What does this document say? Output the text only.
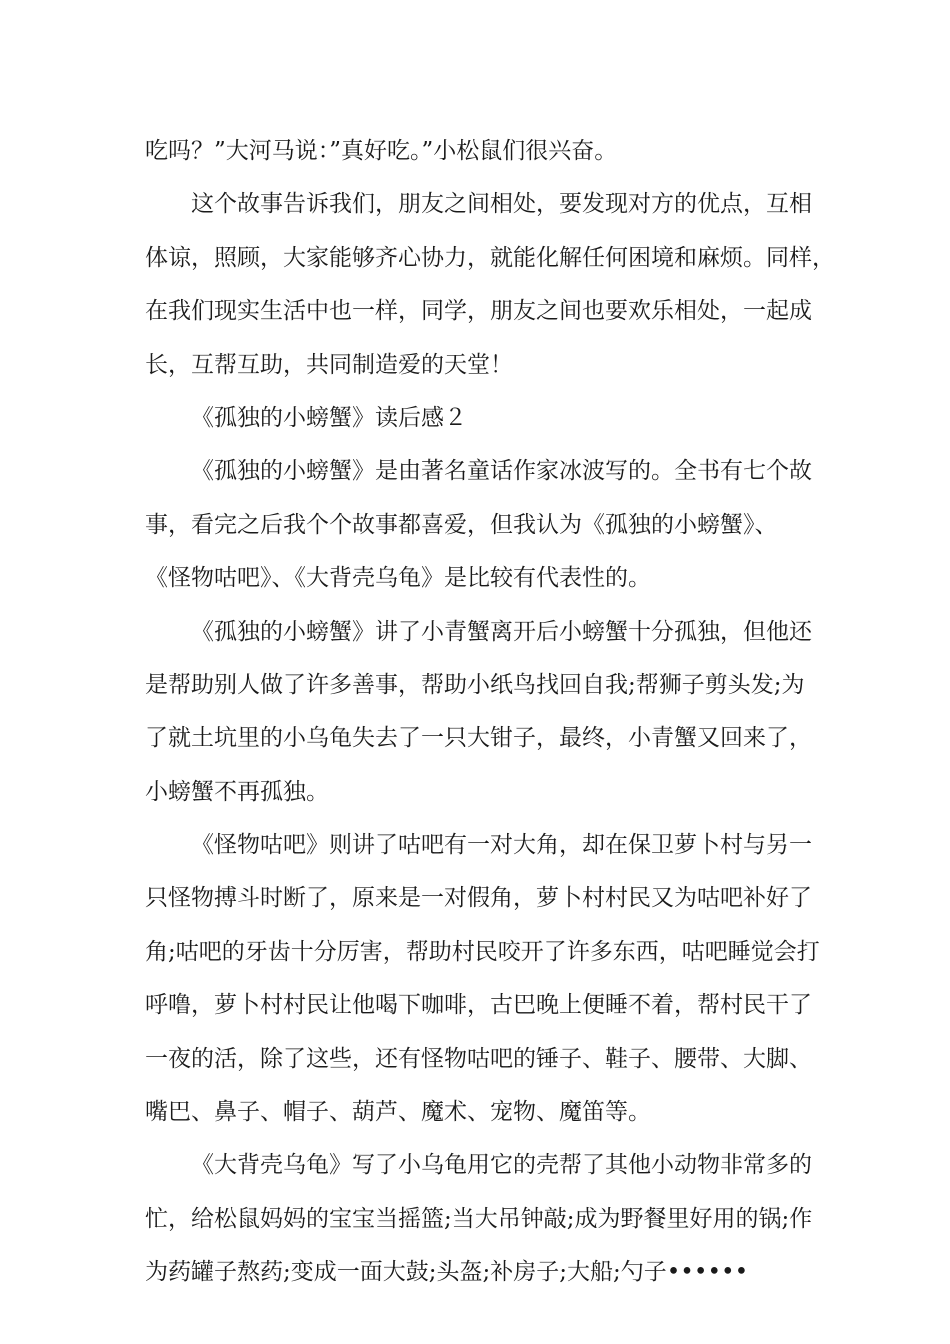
吃吗？”大河马说：”真好吃。”小松鼠们很兴奋。
这个故事告诉我们，朋友之间相处，要发现对方的优点，互相
体谅，照顾，大家能够齐心协力，就能化解任何困境和麻烦。同样，
在我们现实生活中也一样，同学，朋友之间也要欢乐相处，一起成
长，互帮互助，共同制造爱的天堂！
《孤独的小螃蟹》读后感２
《孤独的小螃蟹》是由著名童话作家冰波写的。全书有七个故
事，看完之后我个个故事都喜爱，但我认为《孤独的小螃蟹》、
《怪物咕吧》、《大背壳乌龟》是比较有代表性的。
《孤独的小螃蟹》讲了小青蟹离开后小螃蟹十分孤独，但他还
是帮助别人做了许多善事，帮助小纸鸟找回自我;帮狮子剪头发;为
了就土坑里的小乌龟失去了一只大钳子，最终，小青蟹又回来了，
小螃蟹不再孤独。
《怪物咕吧》则讲了咕吧有一对大角，却在保卫萝卜村与另一
只怪物搏斗时断了，原来是一对假角，萝卜村村民又为咕吧补好了
角;咕吧的牙齿十分厉害，帮助村民咬开了许多东西，咕吧睡觉会打
呼噜，萝卜村村民让他喝下咖啡，古巴晚上便睡不着，帮村民干了
一夜的活，除了这些，还有怪物咕吧的锤子、鞋子、腰带、大脚、
嘴巴、鼻子、帽子、葫芦、魔术、宠物、魔笛等。
《大背壳乌龟》写了小乌龟用它的壳帮了其他小动物非常多的
忙，给松鼠妈妈的宝宝当摇篮;当大吊钟敲;成为野餐里好用的锅;作
为药罐子熬药;变成一面大鼓;头盔;补房子;大船;勺子••••••
